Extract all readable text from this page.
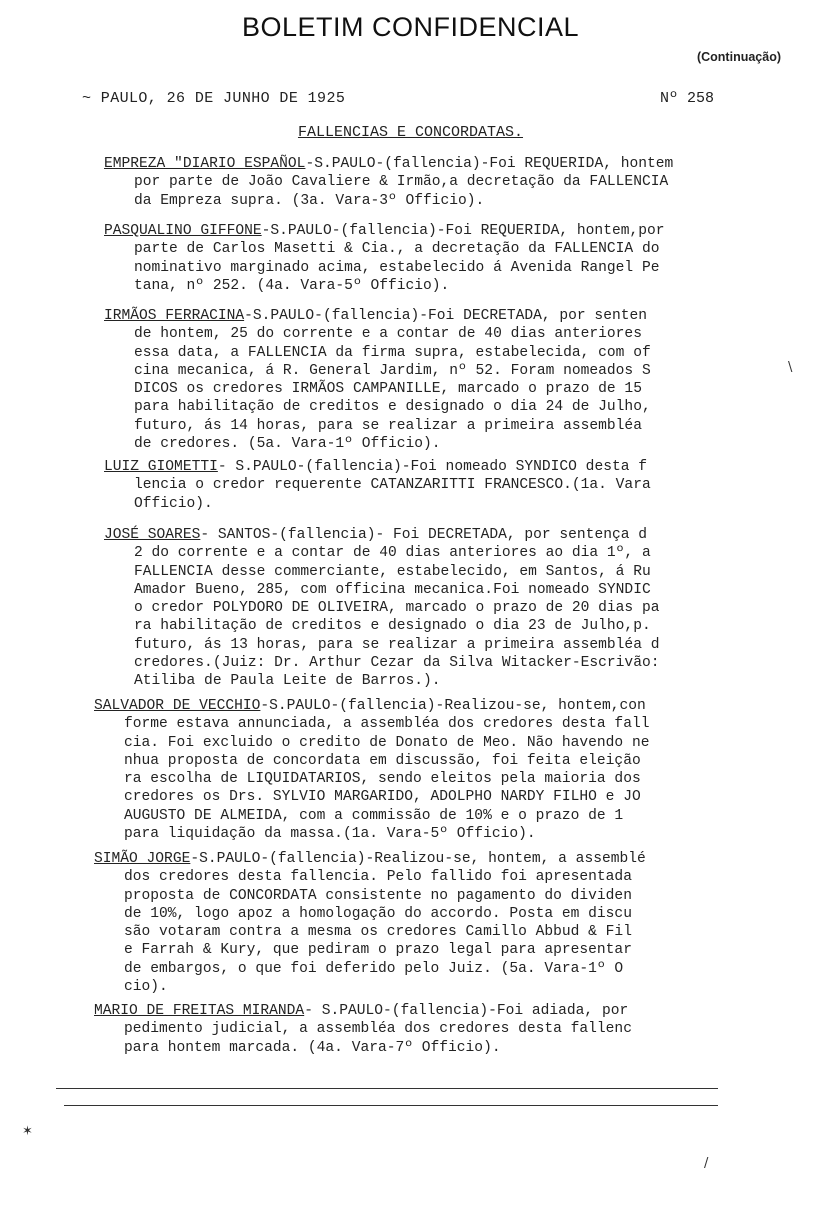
BOLETIM CONFIDENCIAL
(Continuação)
~ PAULO, 26 DE JUNHO DE 1925	Nº 258
FALLENCIAS E CONCORDATAS.
EMPREZA "DIARIO ESPAÑOL-S.PAULO-(fallencia)-Foi REQUERIDA, hontem
por parte de João Cavaliere & Irmão,a decretação da FALLENCIA
da Empreza supra. (3a. Vara-3º Officio).
PASQUALINO GIFFONE-S.PAULO-(fallencia)-Foi REQUERIDA, hontem,por
parte de Carlos Masetti & Cia., a decretação da FALLENCIA do
nominativo marginado acima, estabelecido á Avenida Rangel Pe
tana, nº 252. (4a. Vara-5º Officio).
IRMÃOS FERRACINA-S.PAULO-(fallencia)-Foi DECRETADA, por senten
de hontem, 25 do corrente e a contar de 40 dias anteriores
essa data, a FALLENCIA da firma supra, estabelecida, com of
cina mecanica, á R. General Jardim, nº 52. Foram nomeados S
DICOS os credores IRMÃOS CAMPANILLE, marcado o prazo de 15
para habilitação de creditos e designado o dia 24 de Julho,
futuro, ás 14 horas, para se realizar a primeira assembléa
de credores. (5a. Vara-1º Officio).
LUIZ GIOMETTI- S.PAULO-(fallencia)-Foi nomeado SYNDICO desta f
lencia o credor requerente CATANZARITTI FRANCESCO.(1a. Vara
Officio).
JOSÉ SOARES- SANTOS-(fallencia)- Foi DECRETADA, por sentença d
2 do corrente e a contar de 40 dias anteriores ao dia 1º, a
FALLENCIA desse commerciante, estabelecido, em Santos, á Ru
Amador Bueno, 285, com officina mecanica.Foi nomeado SYNDIC
o credor POLYDORO DE OLIVEIRA, marcado o prazo de 20 dias pa
ra habilitação de creditos e designado o dia 23 de Julho,p.
futuro, ás 13 horas, para se realizar a primeira assembléa d
credores.(Juiz: Dr. Arthur Cezar da Silva Witacker-Escrivão:
Atiliba de Paula Leite de Barros.).
SALVADOR DE VECCHIO-S.PAULO-(fallencia)-Realizou-se, hontem,con
forme estava annunciada, a assembléa dos credores desta fall
cia. Foi excluido o credito de Donato de Meo. Não havendo ne
nhua proposta de concordata em discussão, foi feita eleição
ra escolha de LIQUIDATARIOS, sendo eleitos pela maioria dos
credores os Drs. SYLVIO MARGARIDO, ADOLPHO NARDY FILHO e JO
AUGUSTO DE ALMEIDA, com a commissão de 10% e o prazo de 1
para liquidação da massa.(1a. Vara-5º Officio).
SIMÃO JORGE-S.PAULO-(fallencia)-Realizou-se, hontem, a assemblé
dos credores desta fallencia. Pelo fallido foi apresentada
proposta de CONCORDATA consistente no pagamento do dividen
de 10%, logo apoz a homologação do accordo. Posta em discu
são votaram contra a mesma os credores Camillo Abbud & Fil
e Farrah & Kury, que pediram o prazo legal para apresentar
de embargos, o que foi deferido pelo Juiz. (5a. Vara-1º O
cio).
MARIO DE FREITAS MIRANDA- S.PAULO-(fallencia)-Foi adiada, por
pedimento judicial, a assembléa dos credores desta fallenc
para hontem marcada. (4a. Vara-7º Officio).
✶
/
\
